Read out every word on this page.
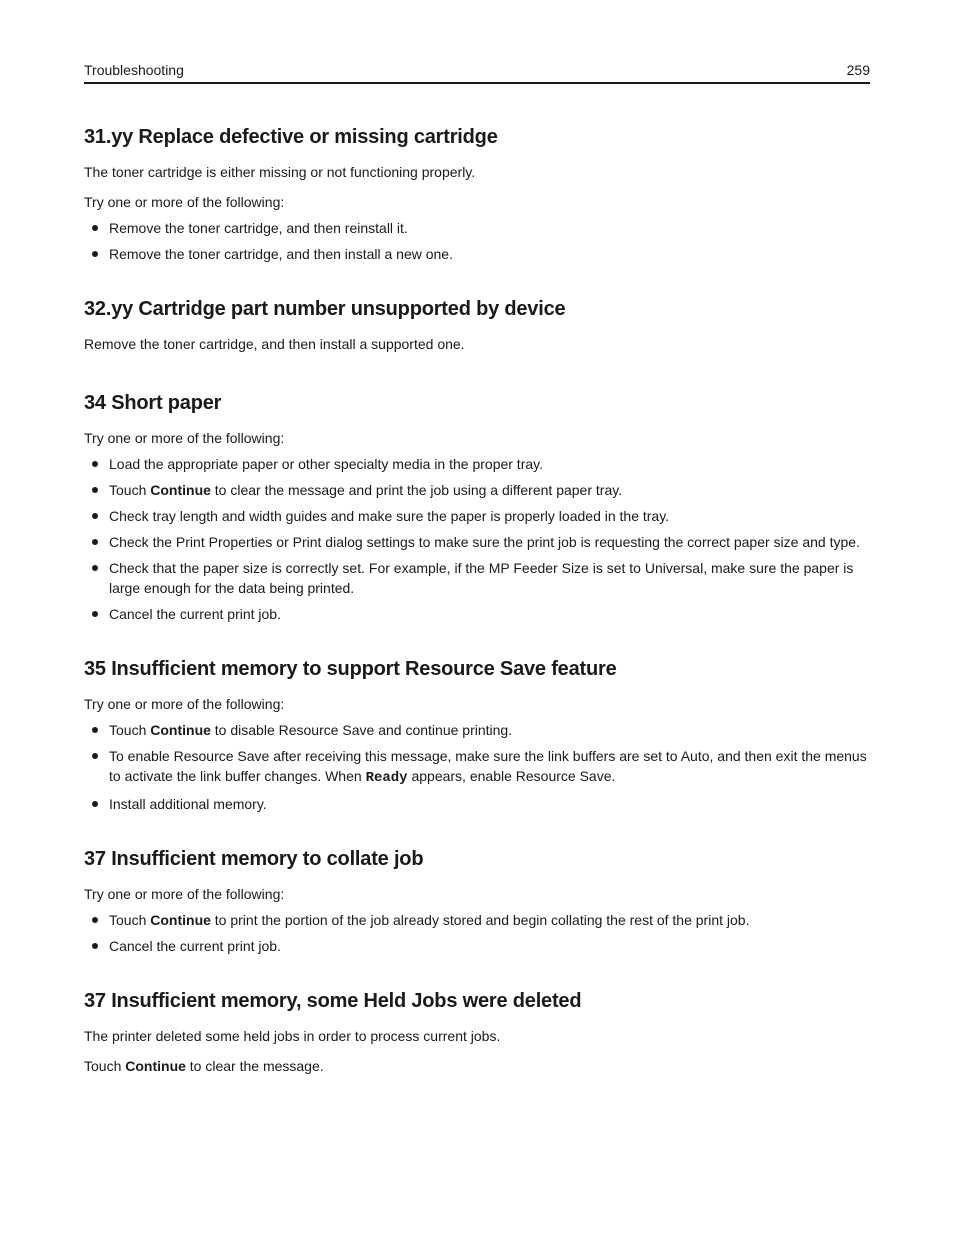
Troubleshooting	259
31.yy Replace defective or missing cartridge

The toner cartridge is either missing or not functioning properly.

Try one or more of the following:

Remove the toner cartridge, and then reinstall it.
Remove the toner cartridge, and then install a new one.
32.yy Cartridge part number unsupported by device

Remove the toner cartridge, and then install a supported one.

34 Short paper

Try one or more of the following:

Load the appropriate paper or other specialty media in the proper tray.
Touch Continue to clear the message and print the job using a different paper tray.
Check tray length and width guides and make sure the paper is properly loaded in the tray.
Check the Print Properties or Print dialog settings to make sure the print job is requesting the correct paper size and type.
Check that the paper size is correctly set. For example, if the MP Feeder Size is set to Universal, make sure the paper is large enough for the data being printed.
Cancel the current print job.
35 Insufficient memory to support Resource Save feature

Try one or more of the following:

Touch Continue to disable Resource Save and continue printing.
To enable Resource Save after receiving this message, make sure the link buffers are set to Auto, and then exit the menus to activate the link buffer changes. When Ready appears, enable Resource Save.
Install additional memory.
37 Insufficient memory to collate job

Try one or more of the following:

Touch Continue to print the portion of the job already stored and begin collating the rest of the print job.
Cancel the current print job.
37 Insufficient memory, some Held Jobs were deleted

The printer deleted some held jobs in order to process current jobs.

Touch Continue to clear the message.
